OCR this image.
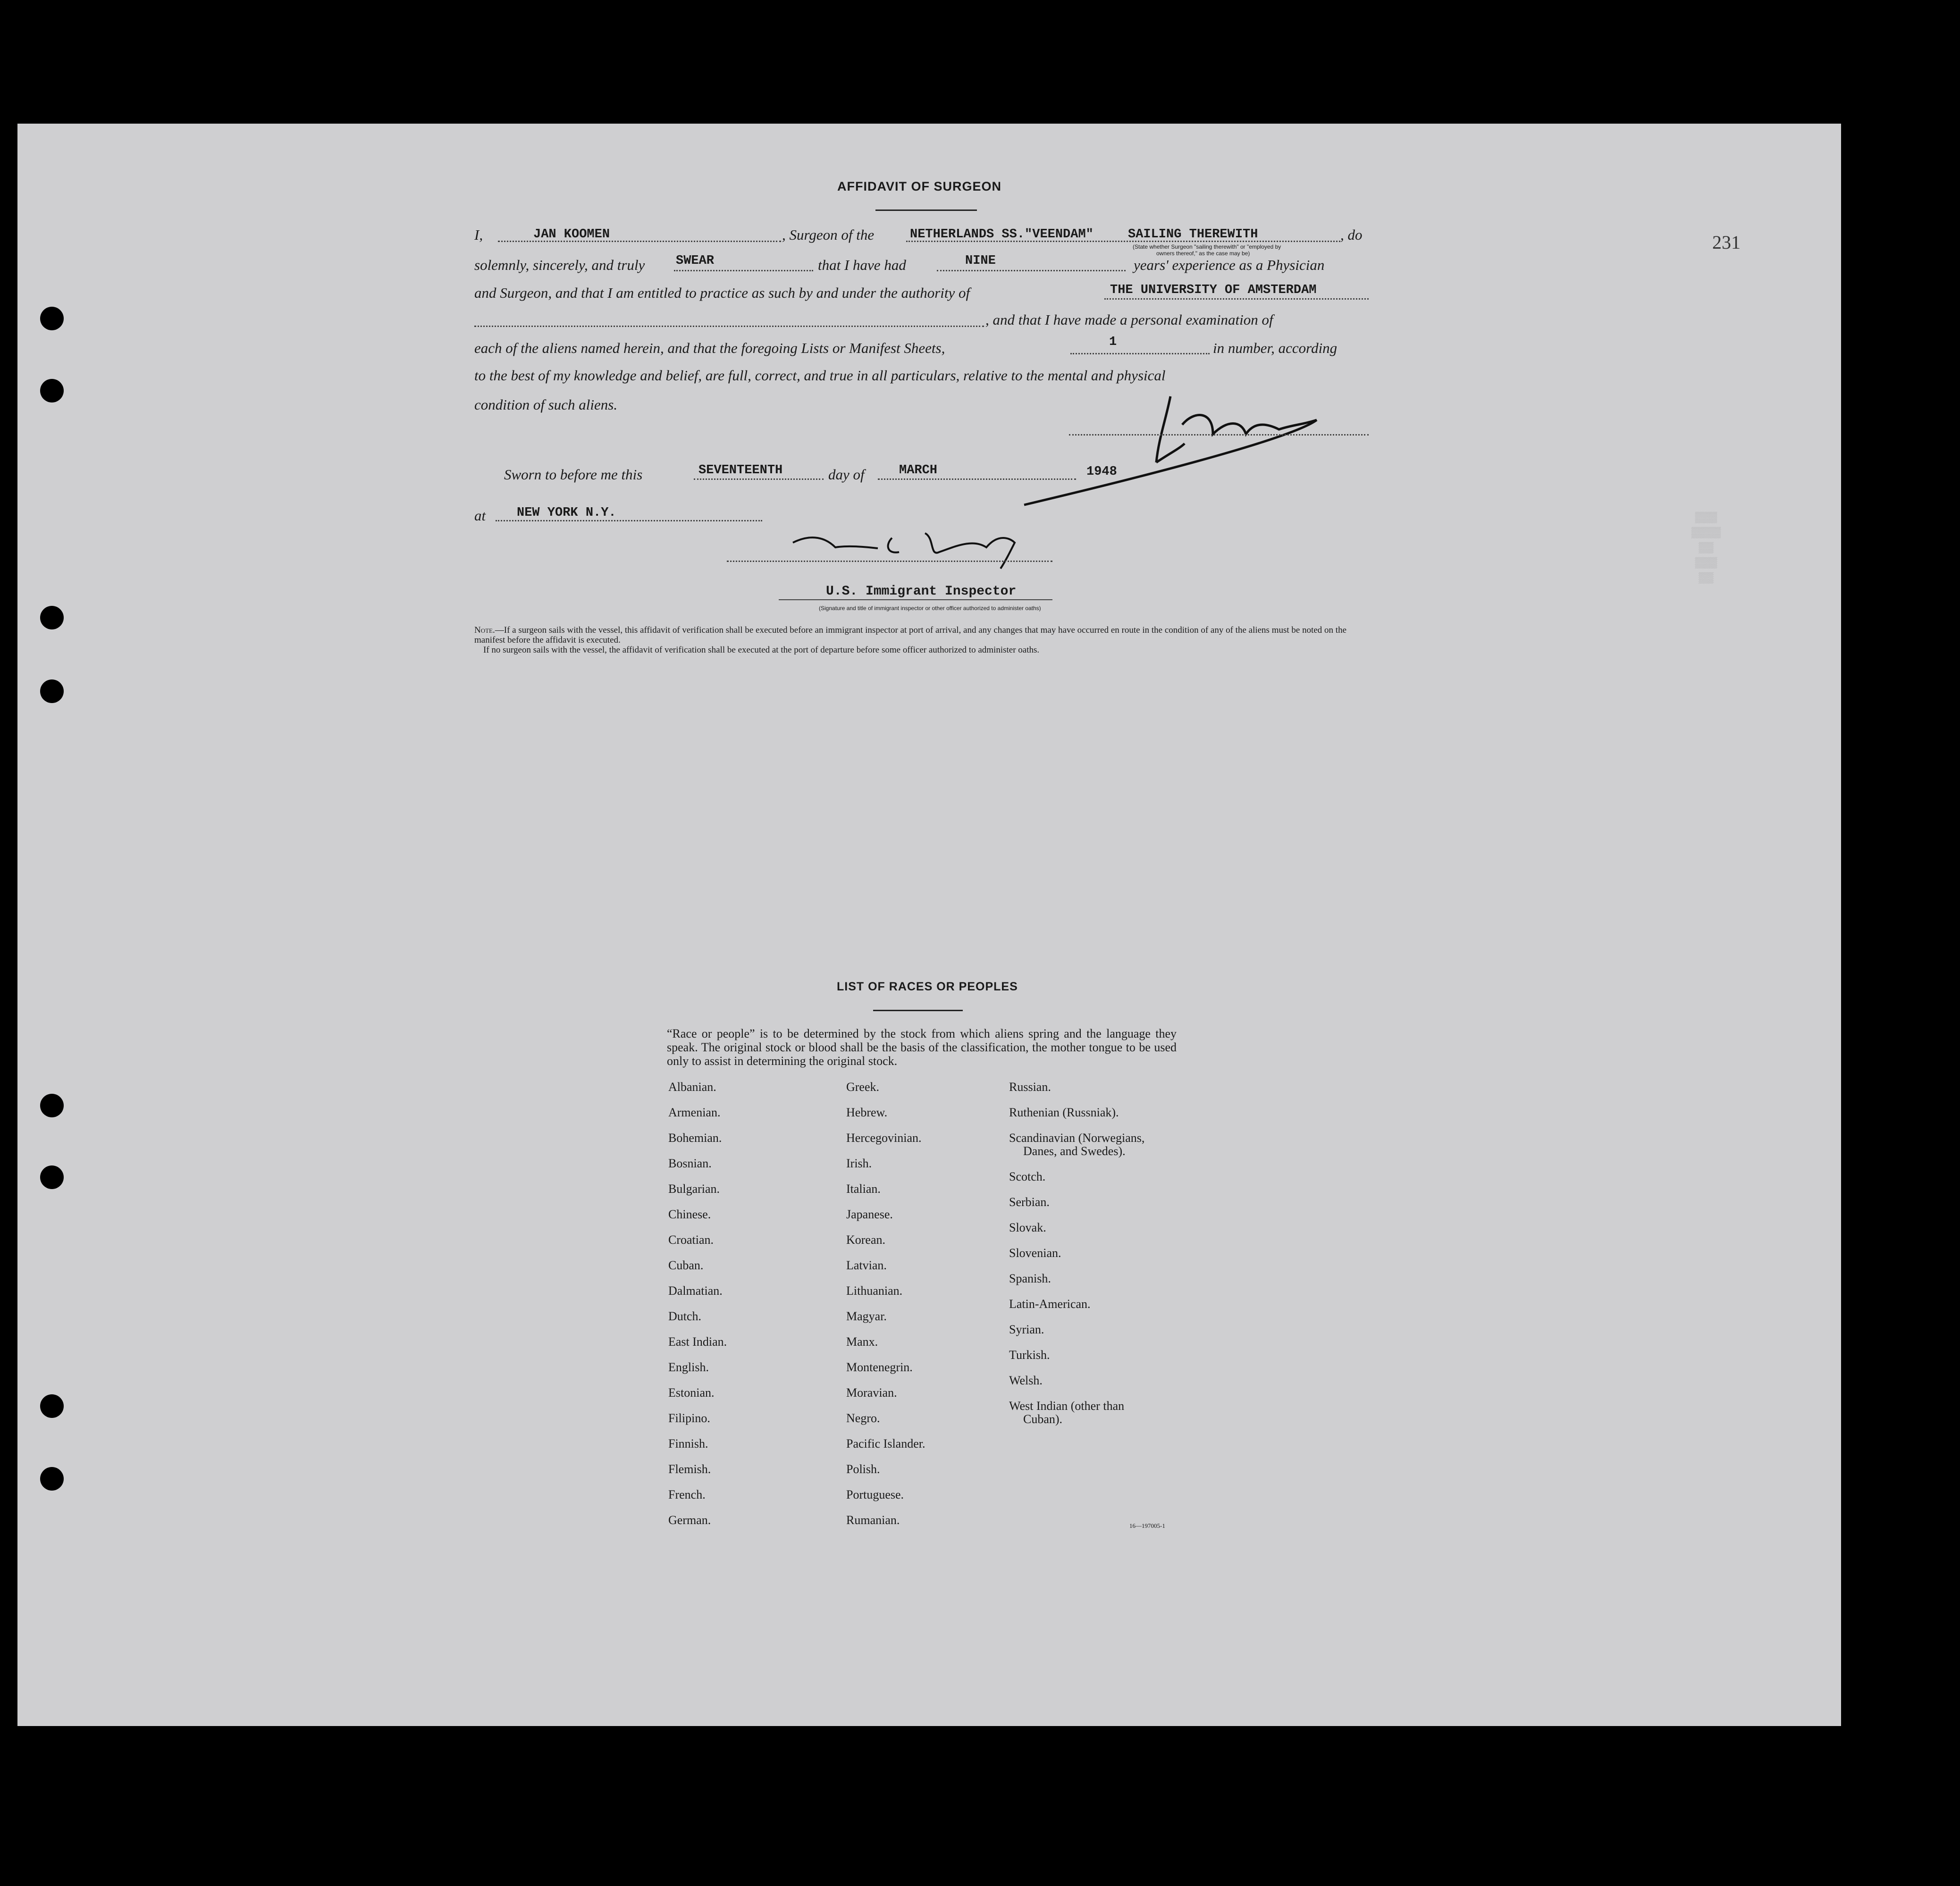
231
▒▒▒
▒▒▒▒
▒▒
▒▒▒
▒▒
AFFIDAVIT OF SURGEON
I,	JAN KOOMEN	, Surgeon of the	NETHERLANDS SS."VEENDAM"	SAILING THEREWITH	, do
(State whether Surgeon "sailing therewith" or "employed by
owners thereof," as the case may be)
solemnly, sincerely, and truly SWEAR	that I have had	NINE	years' experience as a Physician
and Surgeon, and that I am entitled to practice as such by and under the authority of	THE UNIVERSITY OF AMSTERDAM
, and that I have made a personal examination of
each of the aliens named herein, and that the foregoing Lists or Manifest Sheets,	1	in number, according
to the best of my knowledge and belief, are full, correct, and true in all particulars, relative to the mental and physical
condition of such aliens.
Sworn to before me this	SEVENTEENTH	day of	MARCH	1948
at NEW YORK N.Y.
U.S. Immigrant Inspector
(Signature and title of immigrant inspector or other officer authorized to administer oaths)
Note.—If a surgeon sails with the vessel, this affidavit of verification shall be executed before an immigrant inspector at port of arrival, and any changes that may have occurred en route in the condition of any of the aliens must be noted on the manifest before the affidavit is executed.
If no surgeon sails with the vessel, the affidavit of verification shall be executed at the port of departure before some officer authorized to administer oaths.
LIST OF RACES OR PEOPLES
“Race or people” is to be determined by the stock from which aliens spring and the language they speak. The original stock or blood shall be the basis of the classification, the mother tongue to be used only to assist in determining the original stock.
Albanian.
Armenian.
Bohemian.
Bosnian.
Bulgarian.
Chinese.
Croatian.
Cuban.
Dalmatian.
Dutch.
East Indian.
English.
Estonian.
Filipino.
Finnish.
Flemish.
French.
German.
Greek.
Hebrew.
Hercegovinian.
Irish.
Italian.
Japanese.
Korean.
Latvian.
Lithuanian.
Magyar.
Manx.
Montenegrin.
Moravian.
Negro.
Pacific Islander.
Polish.
Portuguese.
Rumanian.
Russian.
Ruthenian (Russniak).
Scandinavian (Norwegians,
Danes, and Swedes).
Scotch.
Serbian.
Slovak.
Slovenian.
Spanish.
Latin-American.
Syrian.
Turkish.
Welsh.
West Indian (other than
Cuban).
16—197005-1
